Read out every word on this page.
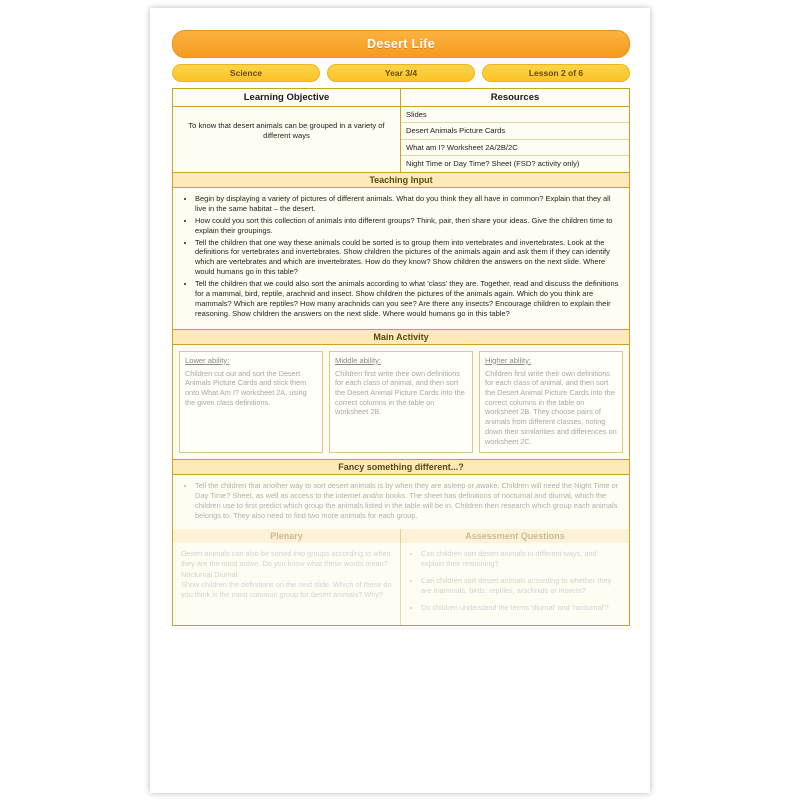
Desert Life
Science	Year 3/4	Lesson 2 of 6
Learning Objective
To know that desert animals can be grouped in a variety of different ways
Resources
Slides
Desert Animals Picture Cards
What am I? Worksheet 2A/2B/2C
Night Time or Day Time? Sheet (FSD? activity only)
Teaching Input
• Begin by displaying a variety of pictures of different animals. What do you think they all have in common? Explain that they all live in the same habitat – the desert.
• How could you sort this collection of animals into different groups? Think, pair, then share your ideas. Give the children time to explain their groupings.
• Tell the children that one way these animals could be sorted is to group them into vertebrates and invertebrates. Look at the definitions for vertebrates and invertebrates. Show children the pictures of the animals again and ask them if they can identify which are vertebrates and which are invertebrates. How do they know? Show children the answers on the next slide. Where would humans go in this table?
• Tell the children that we could also sort the animals according to what 'class' they are. Together, read and discuss the definitions for a mammal, bird, reptile, arachnid and insect. Show children the pictures of the animals again. Which do you think are mammals? Which are reptiles? How many arachnids can you see? Are there any insects? Encourage children to explain their reasoning. Show children the answers on the next slide. Where would humans go in this table?
Main Activity
Lower ability:

Children cut out and sort the Desert Animals Picture Cards and stick them onto What Am I? worksheet 2A, using the given class definitions.

Middle ability:

Children first write their own definitions for each class of animal, and then sort the Desert Animal Picture Cards into the correct columns in the table on worksheet 2B.

Higher ability:

Children first write their own definitions for each class of animal, and then sort the Desert Animal Picture Cards into the correct columns in the table on worksheet 2B. They choose pairs of animals from different classes, noting down their similarities and differences on worksheet 2C.

Fancy something different...?
• Tell the children that another way to sort desert animals is by when they are asleep or awake. Children will need the Night Time or Day Time? Sheet, as well as access to the internet and/or books. The sheet has definitions of nocturnal and diurnal, which the children use to first predict which group the animals listed in the table will be in. Children then research which group each animals belongs to. They also need to find two more animals for each group.
Plenary	Assessment Questions

Desert animals can also be sorted into groups according to when they are the most active. Do you know what these words mean?

Nocturnal Diurnal

Show children the definitions on the next slide. Which of these do you think is the most common group for desert animals? Why?

• Can children sort desert animals in different ways, and explain their reasoning?
• Can children sort desert animals according to whether they are mammals, birds, reptiles, arachnids or insects?
• Do children understand the terms 'diurnal' and 'nocturnal'?
